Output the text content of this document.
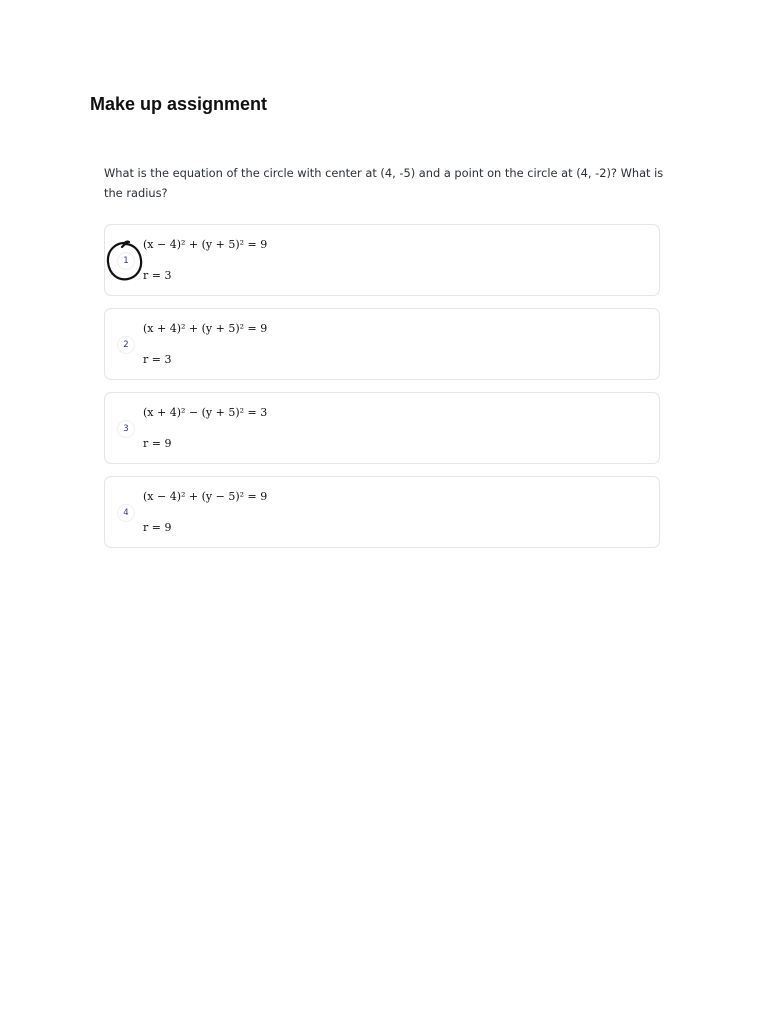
Make up assignment

What is the equation of the circle with center at (4, -5) and a point on the circle at (4, -2)? What is the radius?

1
(x − 4)² + (y + 5)² = 9
r = 3
2
(x + 4)² + (y + 5)² = 9
r = 3
3
(x + 4)² − (y + 5)² = 3
r = 9
4
(x − 4)² + (y − 5)² = 9
r = 9
